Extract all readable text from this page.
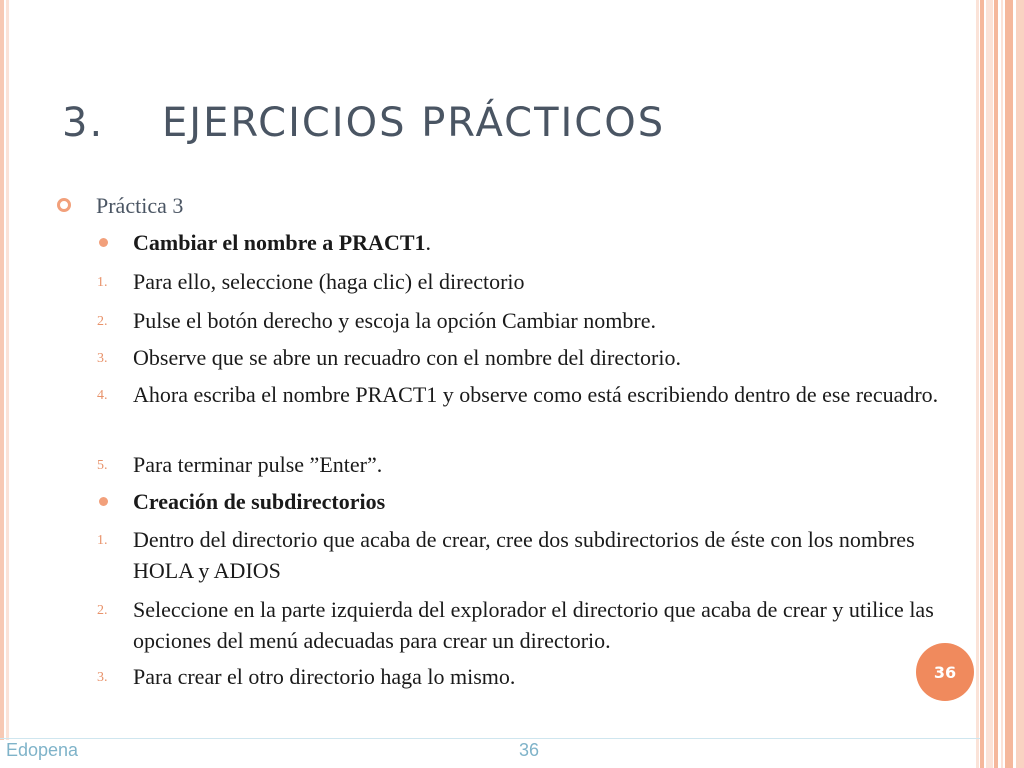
3. EJERCICIOS PRÁCTICOS
Práctica 3
Cambiar el nombre a PRACT1.
1. Para ello, seleccione (haga clic) el directorio
2. Pulse el botón derecho y escoja la opción Cambiar nombre.
3. Observe que se abre un recuadro con el nombre del directorio.
4. Ahora escriba el nombre PRACT1 y observe como está escribiendo dentro de ese recuadro.
5. Para terminar pulse ”Enter”.
Creación de subdirectorios
1. Dentro del directorio que acaba de crear, cree dos subdirectorios de éste con los nombres HOLA y ADIOS
2. Seleccione en la parte izquierda del explorador el directorio que acaba de crear y utilice las opciones del menú adecuadas para crear un directorio.
3. Para crear el otro directorio haga lo mismo.	36
Edopena	36
